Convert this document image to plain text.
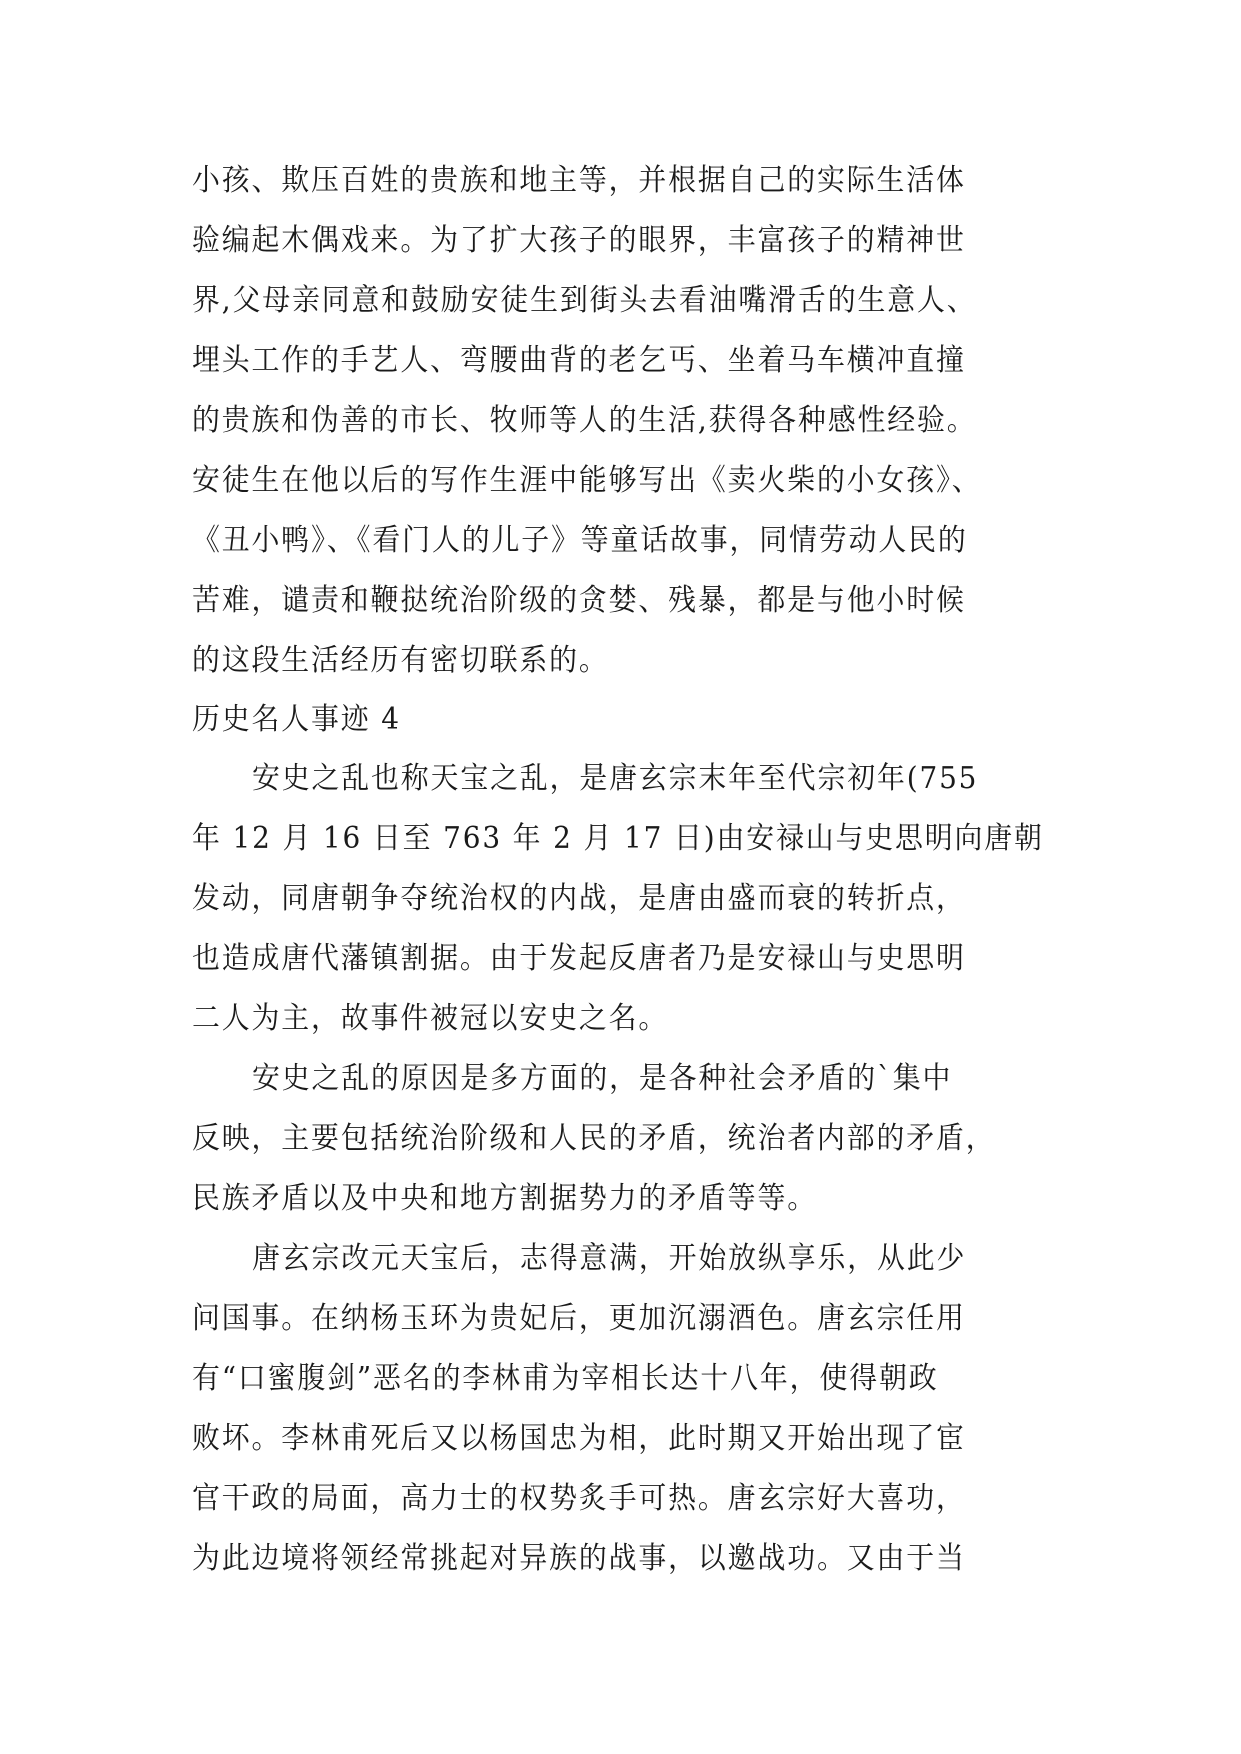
小孩、欺压百姓的贵族和地主等，并根据自己的实际生活体
验编起木偶戏来。为了扩大孩子的眼界，丰富孩子的精神世
界,父母亲同意和鼓励安徒生到街头去看油嘴滑舌的生意人、
埋头工作的手艺人、弯腰曲背的老乞丐、坐着马车横冲直撞
的贵族和伪善的市长、牧师等人的生活,获得各种感性经验。
安徒生在他以后的写作生涯中能够写出《卖火柴的小女孩》、
《丑小鸭》、《看门人的儿子》等童话故事，同情劳动人民的
苦难，谴责和鞭挞统治阶级的贪婪、残暴，都是与他小时候
的这段生活经历有密切联系的。
历史名人事迹 4
安史之乱也称天宝之乱，是唐玄宗末年至代宗初年(755
年 12 月 16 日至 763 年 2 月 17 日)由安禄山与史思明向唐朝
发动，同唐朝争夺统治权的内战，是唐由盛而衰的转折点，
也造成唐代藩镇割据。由于发起反唐者乃是安禄山与史思明
二人为主，故事件被冠以安史之名。
安史之乱的原因是多方面的，是各种社会矛盾的`集中
反映，主要包括统治阶级和人民的矛盾，统治者内部的矛盾，
民族矛盾以及中央和地方割据势力的矛盾等等。
唐玄宗改元天宝后，志得意满，开始放纵享乐，从此少
问国事。在纳杨玉环为贵妃后，更加沉溺酒色。唐玄宗任用
有“口蜜腹剑”恶名的李林甫为宰相长达十八年，使得朝政
败坏。李林甫死后又以杨国忠为相，此时期又开始出现了宦
官干政的局面，高力士的权势炙手可热。唐玄宗好大喜功，
为此边境将领经常挑起对异族的战事，以邀战功。又由于当
